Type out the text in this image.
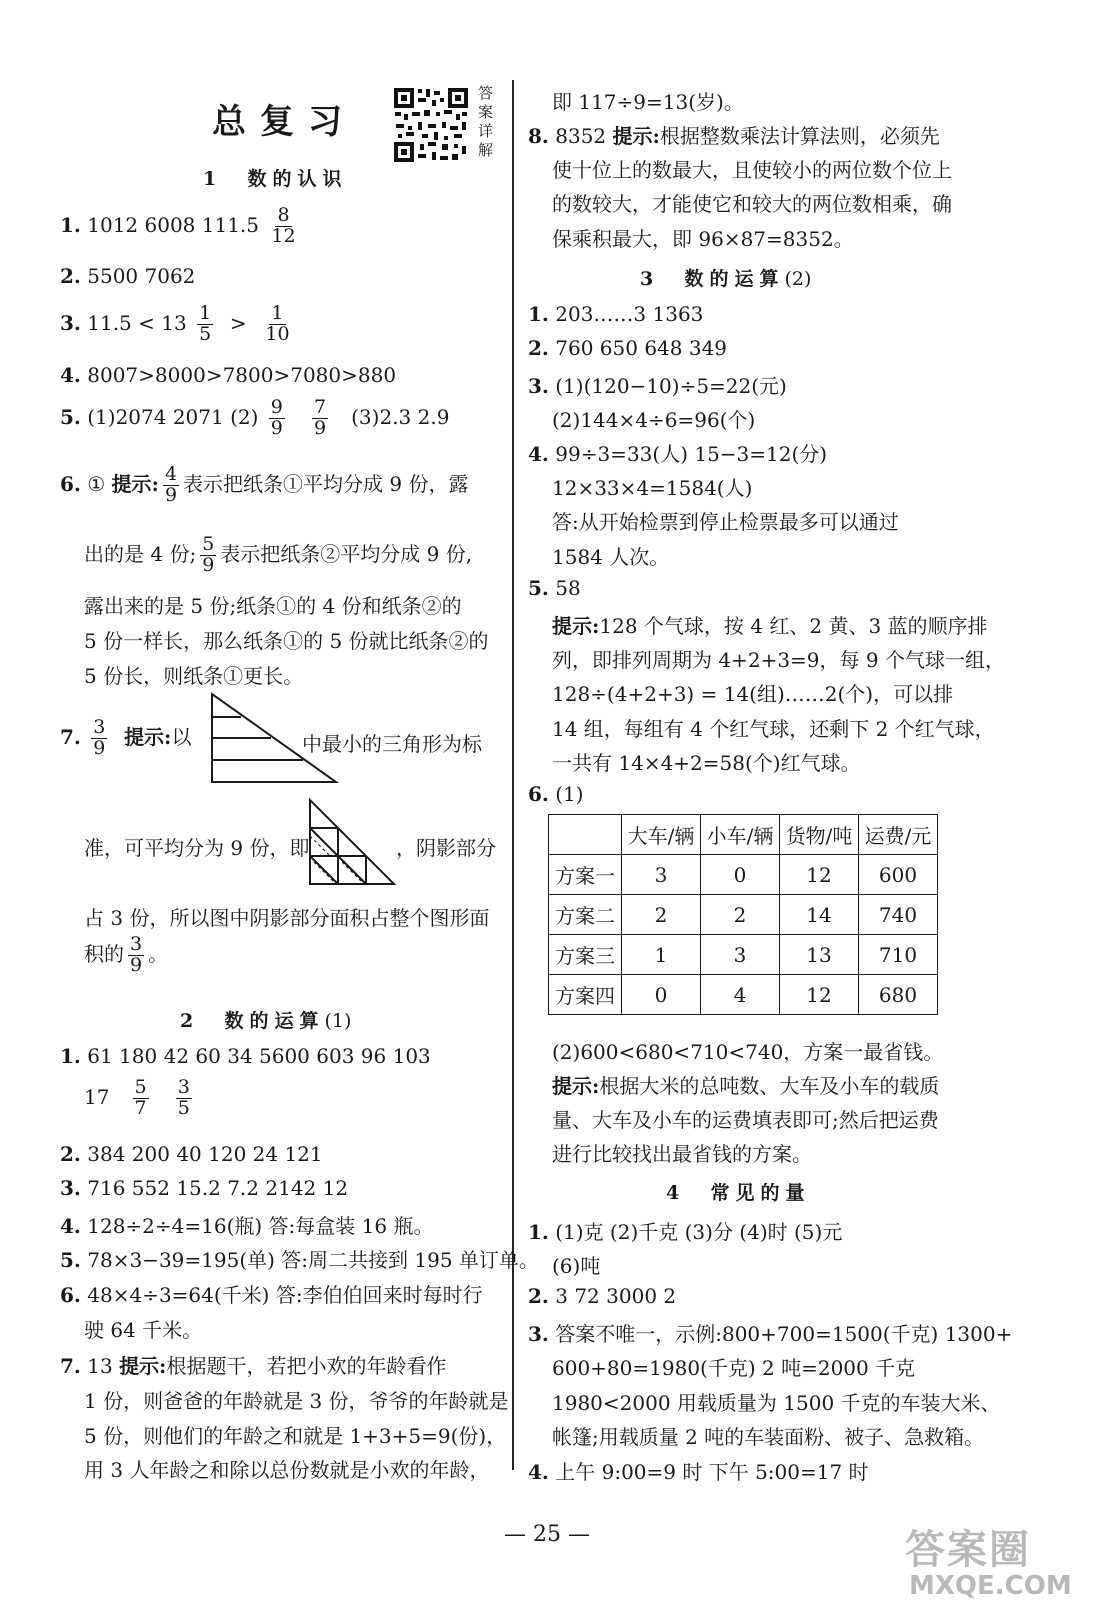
总复习
答案详解
1 数的认识
1. 1012 6008 $111.5 \frac{8}{12}$
2. 5500 7062
3. $11.5 < 13 \frac{1}{5} > \frac{1}{10}$
4. 8007>8000>7800>7080>880
5. (1)2074 2071 $(2) \frac{9}{9}$
$\frac{7}{9} (3)2.3$ 2.9
6. ① 提示: $\frac{4}{9}$ 表示把纸条①平均分成 9 份，露
出的是 4 份; $\frac{5}{9}$ 表示把纸条②平均分成 9 份,
露出来的是 5 份;纸条①的 4 份和纸条②的
5 份一样长，那么纸条①的 5 份就比纸条②的
5 份长，则纸条①更长。
7. $\frac{3}{9}$ 提示:以	中最小的三角形为标
准，可平均分为 9 份，即	，阴影部分
占 3 份，所以图中阴影部分面积占整个图形面
积的 $\frac{3}{9}$ 。
2 数的运算(1)
1. 61 180 42 60 34 5600 603 96 103
$17 \frac{5}{7}$
$\frac{3}{5}$
2. 384 200 40 120 24 121
3. 716 552 15.2 7.2 2142 12
4. 128÷2÷4=16(瓶) 答:每盒装 16 瓶。
5. 78×3−39=195(单) 答:周二共接到 195 单订单。
6. 48×4÷3=64(千米) 答:李伯伯回来时每时行
驶 64 千米。
7. 13 提示:根据题干，若把小欢的年龄看作
1 份，则爸爸的年龄就是 3 份，爷爷的年龄就是
5 份，则他们的年龄之和就是 1+3+5=9(份)，
用 3 人年龄之和除以总份数就是小欢的年龄，
即 117÷9=13(岁)。
8. 8352 提示:根据整数乘法计算法则，必须先
使十位上的数最大，且使较小的两位数个位上
的数较大，才能使它和较大的两位数相乘，确
保乘积最大，即 96×87=8352。
3 数的运算(2)
1. 203……3 1363
2. 760 650 648 349
3. (1)(120−10)÷5=22(元)
(2)144×4÷6=96(个)
4. 99÷3=33(人) 15−3=12(分)
12×33×4=1584(人)
答:从开始检票到停止检票最多可以通过
1584 人次。
5. 58
提示:128 个气球，按 4 红、2 黄、3 蓝的顺序排
列，即排列周期为 4+2+3=9，每 9 个气球一组，
128÷(4+2+3) = 14(组)……2(个)，可以排
14 组，每组有 4 个红气球，还剩下 2 个红气球，
一共有 14×4+2=58(个)红气球。
6. (1)
	大车/辆	小车/辆	货物/吨	运费/元
方案一	3	0	12	600
方案二	2	2	14	740
方案三	1	3	13	710
方案四	0	4	12	680
(2)600<680<710<740，方案一最省钱。
提示:根据大米的总吨数、大车及小车的载质
量、大车及小车的运费填表即可;然后把运费
进行比较找出最省钱的方案。
4 常见的量
1. (1)克 (2)千克 (3)分 (4)时 (5)元
(6)吨
2. 3 72 3000 2
3. 答案不唯一，示例:800+700=1500(千克) 1300+
600+80=1980(千克) 2 吨=2000 千克
1980<2000 用载质量为 1500 千克的车装大米、
帐篷;用载质量 2 吨的车装面粉、被子、急救箱。
4. 上午 9:00=9 时 下午 5:00=17 时
— 25 —	答案圈
MXQE.COM
